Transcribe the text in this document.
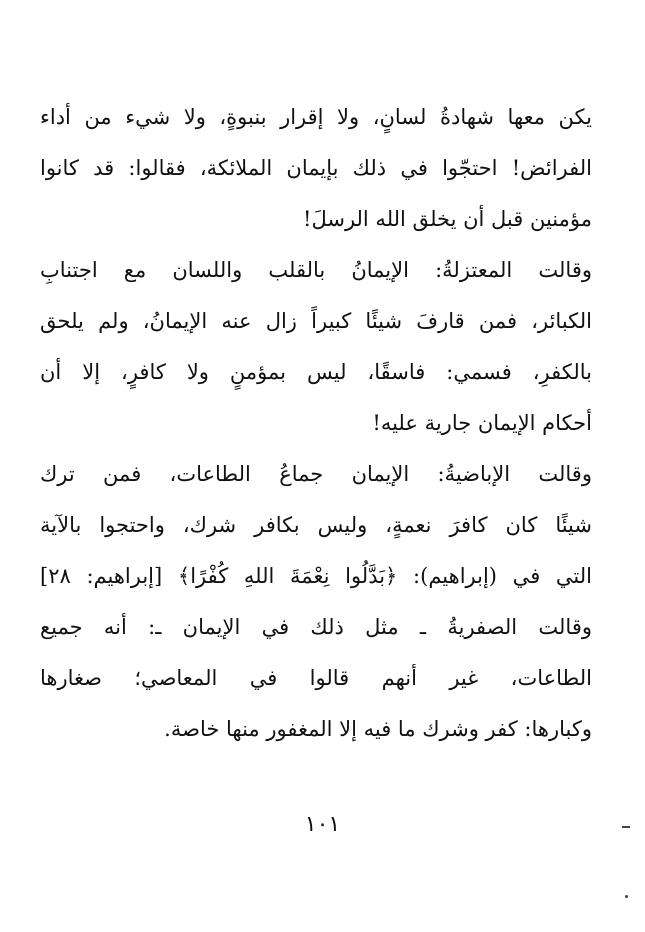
يكن معها شهادةُ لسانٍ، ولا إقرار بنبوةٍ، ولا شيء من أداء
الفرائض! احتجّوا في ذلك بإيمان الملائكة، فقالوا: قد كانوا
مؤمنين قبل أن يخلق الله الرسلَ!
وقالت المعتزلةُ: الإيمانُ بالقلب واللسان مع اجتنابِ
الكبائر، فمن قارفَ شيئًا كبيراً زال عنه الإيمانُ، ولم يلحق
بالكفرِ، فسمي: فاسقًا، ليس بمؤمنٍ ولا كافرٍ، إلا أن
أحكام الإيمان جارية عليه!
وقالت الإباضيةُ: الإيمان جماعُ الطاعات، فمن ترك
شيئًا كان كافرَ نعمةٍ، وليس بكافر شرك، واحتجوا بالآية
التي في (إبراهيم): ﴿بَدَّلُوا نِعْمَةَ اللهِ كُفْرًا﴾ [إبراهيم: ٢٨]
وقالت الصفريةُ ـ مثل ذلك في الإيمان ـ: أنه جميع
الطاعات، غير أنهم قالوا في المعاصي؛ صغارها
وكبارها: كفر وشرك ما فيه إلا المغفور منها خاصة.
١٠١
